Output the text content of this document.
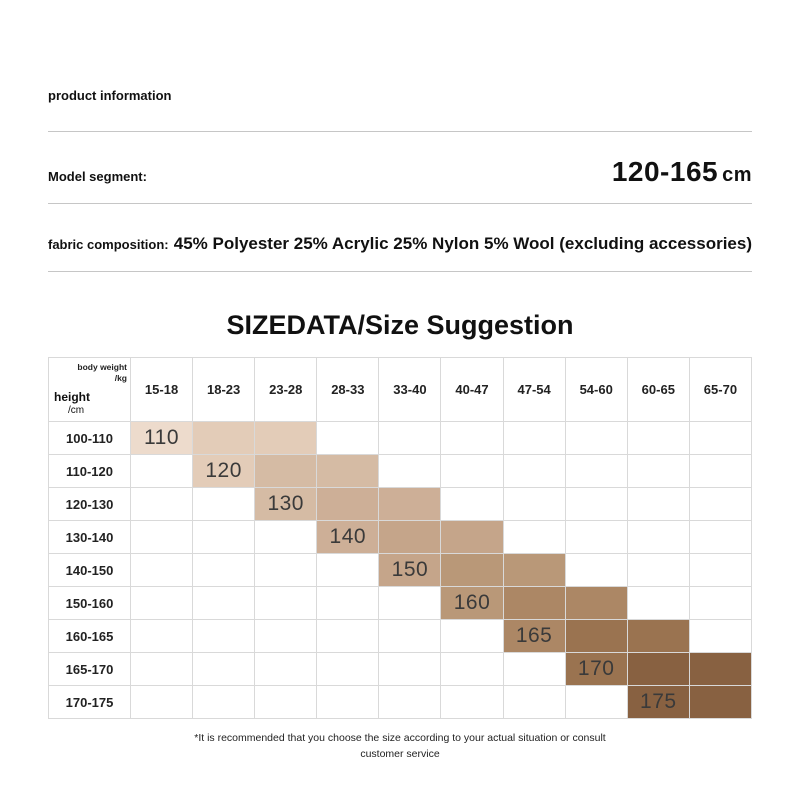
product information
Model segment:	120-165 cm
fabric composition: 45% Polyester 25% Acrylic 25% Nylon 5% Wool (excluding accessories)
SIZEDATA/Size Suggestion
body weight
/kg
height
/cm	15-18	18-23	23-28	28-33	33-40	40-47	47-54	54-60	60-65	65-70
100-110	110									
110-120		120								
120-130			130							
130-140				140						
140-150					150					
150-160						160				
160-165							165			
165-170								170		
170-175									175	
*It is recommended that you choose the size according to your actual situation or consult
customer service
